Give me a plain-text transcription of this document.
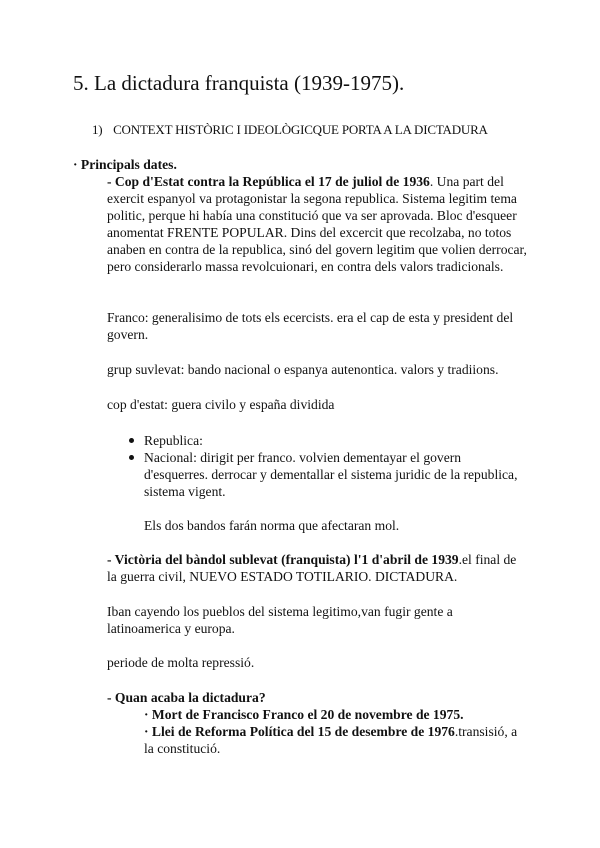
5. La dictadura franquista (1939-1975).
1) CONTEXT HISTÒRIC I IDEOLÒGICQUE PORTA A LA DICTADURA
· Principals dates.

- Cop d'Estat contra la República el 17 de juliol de 1936. Una part del exercit espanyol va protagonistar la segona republica. Sistema legitim tema politic, perque hi había una constitució que va ser aprovada. Bloc d'esqueer anomentat FRENTE POPULAR. Dins del excercit que recolzaba, no totos anaben en contra de la republica, sinó del govern legitim que volien derrocar, pero considerarlo massa revolcuionari, en contra dels valors tradicionals.

Franco: generalisimo de tots els ecercists. era el cap de esta y president del govern.

grup suvlevat: bando nacional o espanya autenontica. valors y tradiions.

cop d'estat: guera civilo y españa dividida

Republica:
Nacional: dirigit per franco. volvien dementayar el govern d'esquerres. derrocar y dementallar el sistema juridic de la republica, sistema vigent.

Els dos bandos farán norma que afectaran mol.

- Victòria del bàndol sublevat (franquista) l'1 d'abril de 1939.el final de la guerra civil, NUEVO ESTADO TOTILARIO. DICTADURA.

Iban cayendo los pueblos del sistema legitimo,van fugir gente a latinoamerica y europa.

periode de molta repressió.

- Quan acaba la dictadura?

· Mort de Francisco Franco el 20 de novembre de 1975.

· Llei de Reforma Política del 15 de desembre de 1976.transisió, a la constitució.
